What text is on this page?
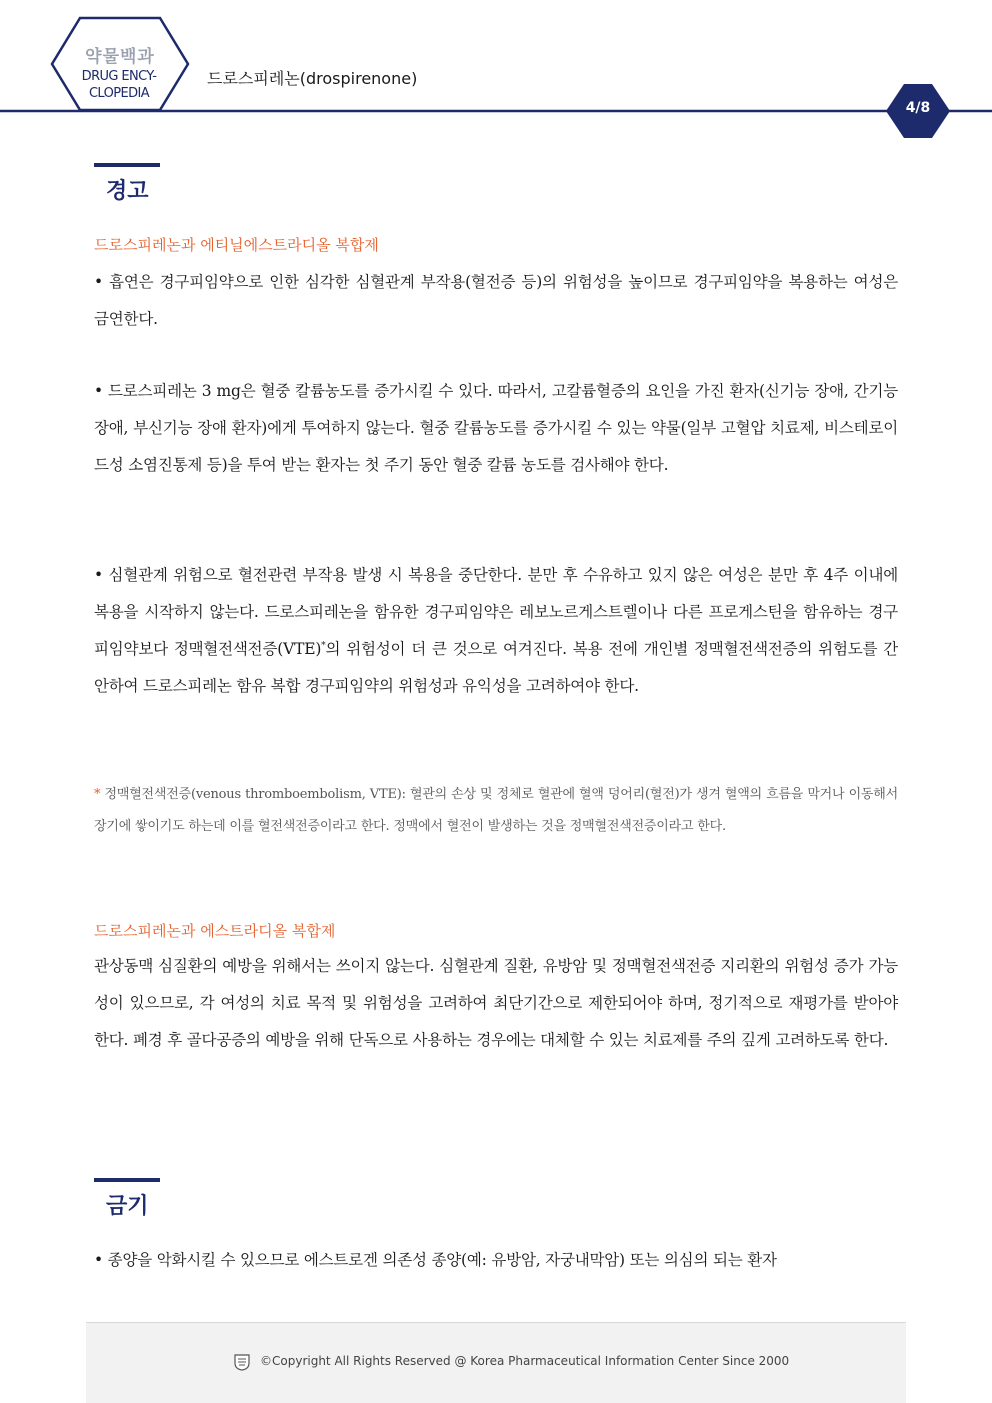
약물백과
DRUG ENCY-
CLOPEDIA
드로스피레논(drospirenone)
4/8
경고
드로스피레논과 에티닐에스트라디올 복합제
• 흡연은 경구피임약으로 인한 심각한 심혈관계 부작용(혈전증 등)의 위험성을 높이므로 경구피임약을 복용하는 여성은 금연한다.
• 드로스피레논 3 mg은 혈중 칼륨농도를 증가시킬 수 있다. 따라서, 고칼륨혈증의 요인을 가진 환자(신기능 장애, 간기능 장애, 부신기능 장애 환자)에게 투여하지 않는다. 혈중 칼륨농도를 증가시킬 수 있는 약물(일부 고혈압 치료제, 비스테로이드성 소염진통제 등)을 투여 받는 환자는 첫 주기 동안 혈중 칼륨 농도를 검사해야 한다.
• 심혈관계 위험으로 혈전관련 부작용 발생 시 복용을 중단한다. 분만 후 수유하고 있지 않은 여성은 분만 후 4주 이내에 복용을 시작하지 않는다. 드로스피레논을 함유한 경구피임약은 레보노르게스트렐이나 다른 프로게스틴을 함유하는 경구피임약보다 정맥혈전색전증(VTE)*의 위험성이 더 큰 것으로 여겨진다. 복용 전에 개인별 정맥혈전색전증의 위험도를 간안하여 드로스피레논 함유 복합 경구피임약의 위험성과 유익성을 고려하여야 한다.
* 정맥혈전색전증(venous thromboembolism, VTE): 혈관의 손상 및 정체로 혈관에 혈액 덩어리(혈전)가 생겨 혈액의 흐름을 막거나 이동해서 장기에 쌓이기도 하는데 이를 혈전색전증이라고 한다. 정맥에서 혈전이 발생하는 것을 정맥혈전색전증이라고 한다.
드로스피레논과 에스트라디올 복합제
관상동맥 심질환의 예방을 위해서는 쓰이지 않는다. 심혈관계 질환, 유방암 및 정맥혈전색전증 지리환의 위험성 증가 가능성이 있으므로, 각 여성의 치료 목적 및 위험성을 고려하여 최단기간으로 제한되어야 하며, 정기적으로 재평가를 받아야 한다. 폐경 후 골다공증의 예방을 위해 단독으로 사용하는 경우에는 대체할 수 있는 치료제를 주의 깊게 고려하도록 한다.
금기
• 종양을 악화시킬 수 있으므로 에스트로겐 의존성 종양(예: 유방암, 자궁내막암) 또는 의심의 되는 환자
©Copyright All Rights Reserved @ Korea Pharmaceutical Information Center Since 2000
